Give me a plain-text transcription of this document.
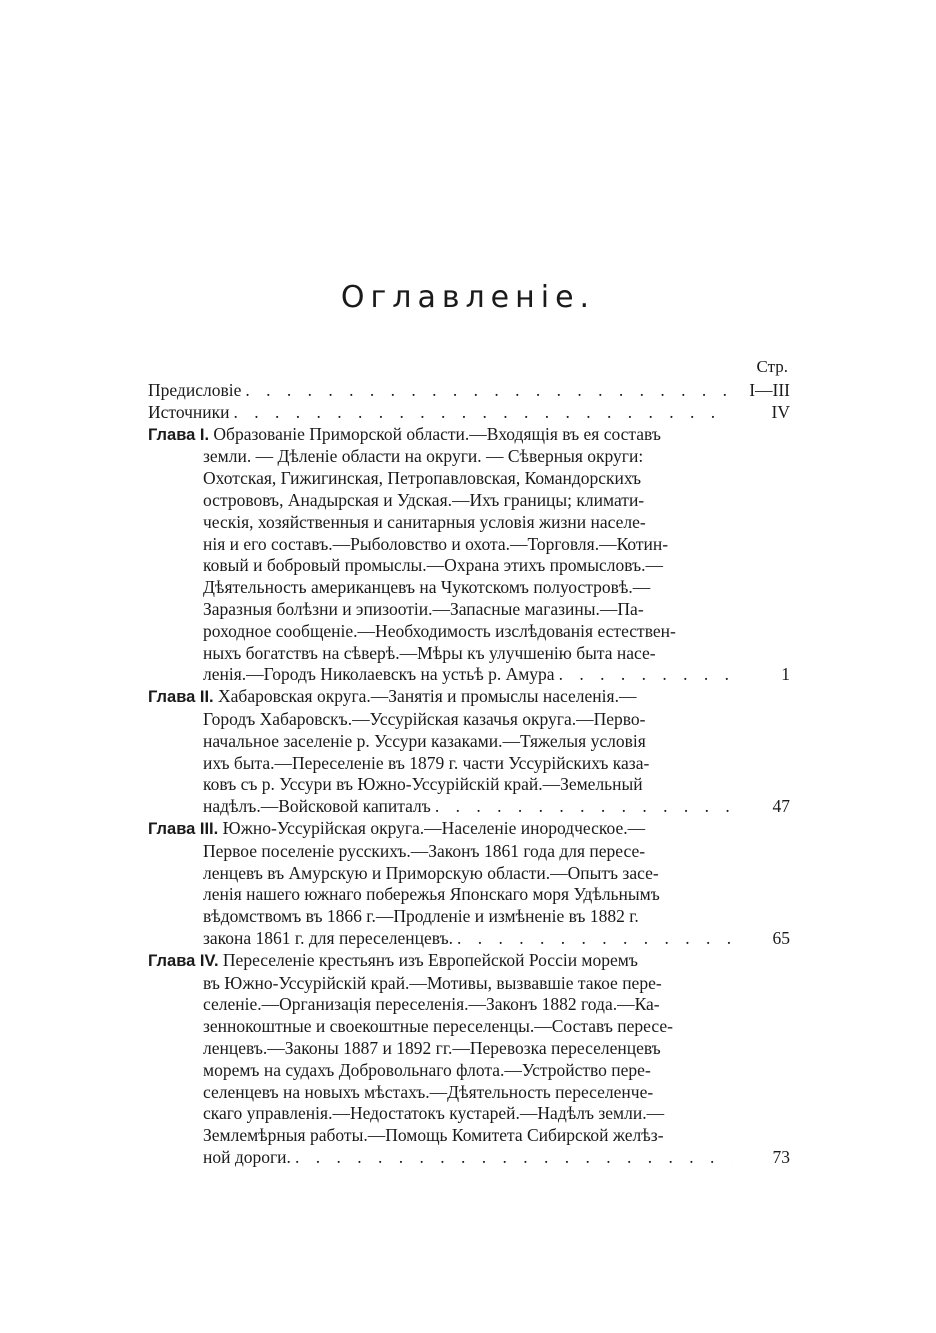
Оглавленіе.
Стр.
Предисловіе . . .	I—III
Источники . . .	IV
Глава I. Образованіе Приморской области.—Входящія въ ея составъ
земли. — Дѣленіе области на округи. — Сѣверныя округи:
Охотская, Гижигинская, Петропавловская, Командорскихъ
острововъ, Анадырская и Удская.—Ихъ границы; климати-
ческія, хозяйственныя и санитарныя условія жизни населе-
нія и его составъ.—Рыболовство и охота.—Торговля.—Котин-
ковый и бобровый промыслы.—Охрана этихъ промысловъ.—
Дѣятельность американцевъ на Чукотскомъ полуостровѣ.—
Заразныя болѣзни и эпизоотіи.—Запасные магазины.—Па-
роходное сообщеніе.—Необходимость изслѣдованія естествен-
ныхъ богатствъ на сѣверѣ.—Мѣры къ улучшенію быта насе-
ленія.—Городъ Николаевскъ на устьѣ р. Амура . . .	1
Глава II. Хабаровская округа.—Занятія и промыслы населенія.—
Городъ Хабаровскъ.—Уссурійская казачья округа.—Перво-
начальное заселеніе р. Уссури казаками.—Тяжелыя условія
ихъ быта.—Переселеніе въ 1879 г. части Уссурійскихъ каза-
ковъ съ р. Уссури въ Южно-Уссурійскій край.—Земельный
надѣлъ.—Войсковой капиталъ . . .	47
Глава III. Южно-Уссурійская округа.—Населеніе инородческое.—
Первое поселеніе русскихъ.—Законъ 1861 года для пересе-
ленцевъ въ Амурскую и Приморскую области.—Опытъ засе-
ленія нашего южнаго побережья Японскаго моря Удѣльнымъ
вѣдомствомъ въ 1866 г.—Продленіе и измѣненіе въ 1882 г.
закона 1861 г. для переселенцевъ. . . .	65
Глава IV. Переселеніе крестьянъ изъ Европейской Россіи моремъ
въ Южно-Уссурійскій край.—Мотивы, вызвавшіе такое пере-
селеніе.—Организація переселенія.—Законъ 1882 года.—Ка-
зеннокоштные и своекоштные переселенцы.—Составъ пересе-
ленцевъ.—Законы 1887 и 1892 гг.—Перевозка переселенцевъ
моремъ на судахъ Добровольнаго флота.—Устройство пере-
селенцевъ на новыхъ мѣстахъ.—Дѣятельность переселенче-
скаго управленія.—Недостатокъ кустарей.—Надѣлъ земли.—
Землемѣрныя работы.—Помощь Комитета Сибирской желѣз-
ной дороги. . . .	73
